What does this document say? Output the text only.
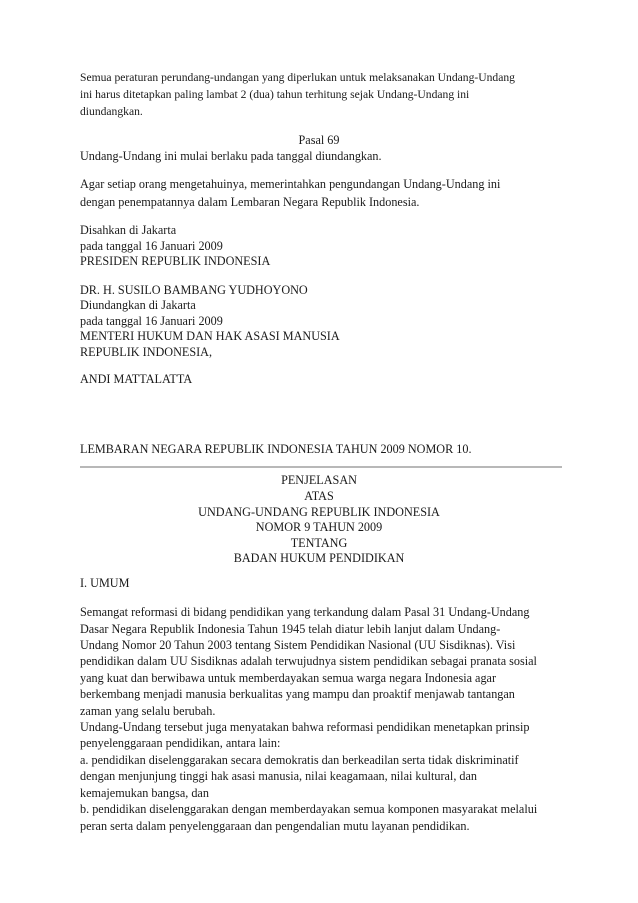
Semua peraturan perundang-undangan yang diperlukan untuk melaksanakan Undang-Undang
ini harus ditetapkan paling lambat 2 (dua) tahun terhitung sejak Undang-Undang ini
diundangkan.
Pasal 69
Undang-Undang ini mulai berlaku pada tanggal diundangkan.
Agar setiap orang mengetahuinya, memerintahkan pengundangan Undang-Undang ini
dengan penempatannya dalam Lembaran Negara Republik Indonesia.
Disahkan di Jakarta
pada tanggal 16 Januari 2009
PRESIDEN REPUBLIK INDONESIA
DR. H. SUSILO BAMBANG YUDHOYONO
Diundangkan di Jakarta
pada tanggal 16 Januari 2009
MENTERI HUKUM DAN HAK ASASI MANUSIA
REPUBLIK INDONESIA,
ANDI MATTALATTA
LEMBARAN NEGARA REPUBLIK INDONESIA TAHUN 2009 NOMOR 10.
PENJELASAN
ATAS
UNDANG-UNDANG REPUBLIK INDONESIA
NOMOR 9 TAHUN 2009
TENTANG
BADAN HUKUM PENDIDIKAN
I. UMUM
Semangat reformasi di bidang pendidikan yang terkandung dalam Pasal 31 Undang-Undang
Dasar Negara Republik Indonesia Tahun 1945 telah diatur lebih lanjut dalam Undang-
Undang Nomor 20 Tahun 2003 tentang Sistem Pendidikan Nasional (UU Sisdiknas). Visi
pendidikan dalam UU Sisdiknas adalah terwujudnya sistem pendidikan sebagai pranata sosial
yang kuat dan berwibawa untuk memberdayakan semua warga negara Indonesia agar
berkembang menjadi manusia berkualitas yang mampu dan proaktif menjawab tantangan
zaman yang selalu berubah.
Undang-Undang tersebut juga menyatakan bahwa reformasi pendidikan menetapkan prinsip
penyelenggaraan pendidikan, antara lain:
a. pendidikan diselenggarakan secara demokratis dan berkeadilan serta tidak diskriminatif
dengan menjunjung tinggi hak asasi manusia, nilai keagamaan, nilai kultural, dan
kemajemukan bangsa, dan
b. pendidikan diselenggarakan dengan memberdayakan semua komponen masyarakat melalui
peran serta dalam penyelenggaraan dan pengendalian mutu layanan pendidikan.
